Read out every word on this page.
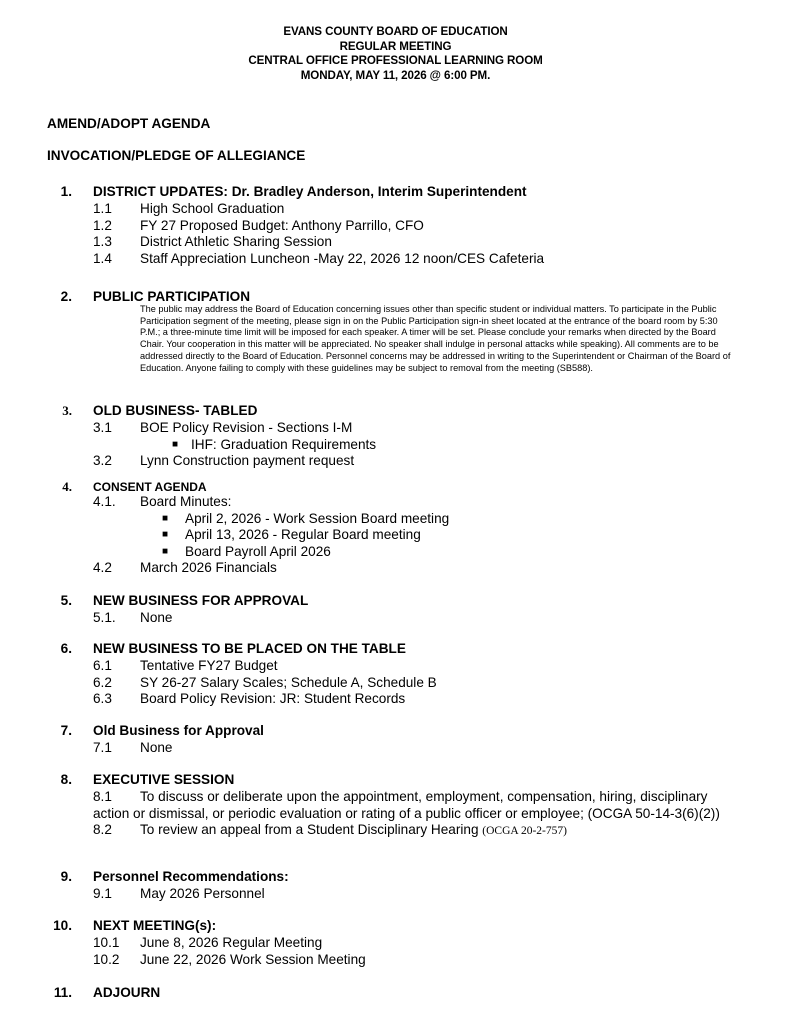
EVANS COUNTY BOARD OF EDUCATION
REGULAR MEETING
CENTRAL OFFICE PROFESSIONAL LEARNING ROOM
MONDAY, MAY 11, 2026 @ 6:00 PM.
AMEND/ADOPT AGENDA
INVOCATION/PLEDGE OF ALLEGIANCE
1. DISTRICT UPDATES: Dr. Bradley Anderson, Interim Superintendent
1.1 High School Graduation
1.2 FY 27 Proposed Budget: Anthony Parrillo, CFO
1.3 District Athletic Sharing Session
1.4 Staff Appreciation Luncheon -May 22, 2026 12 noon/CES Cafeteria
2. PUBLIC PARTICIPATION
The public may address the Board of Education concerning issues other than specific student or individual matters. To participate in the Public Participation segment of the meeting, please sign in on the Public Participation sign-in sheet located at the entrance of the board room by 5:30 P.M.; a three-minute time limit will be imposed for each speaker. A timer will be set. Please conclude your remarks when directed by the Board Chair. Your cooperation in this matter will be appreciated. No speaker shall indulge in personal attacks while speaking). All comments are to be addressed directly to the Board of Education. Personnel concerns may be addressed in writing to the Superintendent or Chairman of the Board of Education. Anyone failing to comply with these guidelines may be subject to removal from the meeting (SB588).
3. OLD BUSINESS- TABLED
3.1 BOE Policy Revision - Sections I-M
■ IHF: Graduation Requirements
3.2 Lynn Construction payment request
4. CONSENT AGENDA
4.1. Board Minutes:
■ April 2, 2026 - Work Session Board meeting
■ April 13, 2026 - Regular Board meeting
■ Board Payroll April 2026
4.2 March 2026 Financials
5. NEW BUSINESS FOR APPROVAL
5.1. None
6. NEW BUSINESS TO BE PLACED ON THE TABLE
6.1 Tentative FY27 Budget
6.2 SY 26-27 Salary Scales; Schedule A, Schedule B
6.3 Board Policy Revision: JR: Student Records
7. Old Business for Approval
7.1 None
8. EXECUTIVE SESSION
8.1 To discuss or deliberate upon the appointment, employment, compensation, hiring, disciplinary action or dismissal, or periodic evaluation or rating of a public officer or employee; (OCGA 50-14-3(6)(2))
8.2 To review an appeal from a Student Disciplinary Hearing (OCGA 20-2-757)
9. Personnel Recommendations:
9.1 May 2026 Personnel
10. NEXT MEETING(s):
10.1 June 8, 2026 Regular Meeting
10.2 June 22, 2026 Work Session Meeting
11. ADJOURN
